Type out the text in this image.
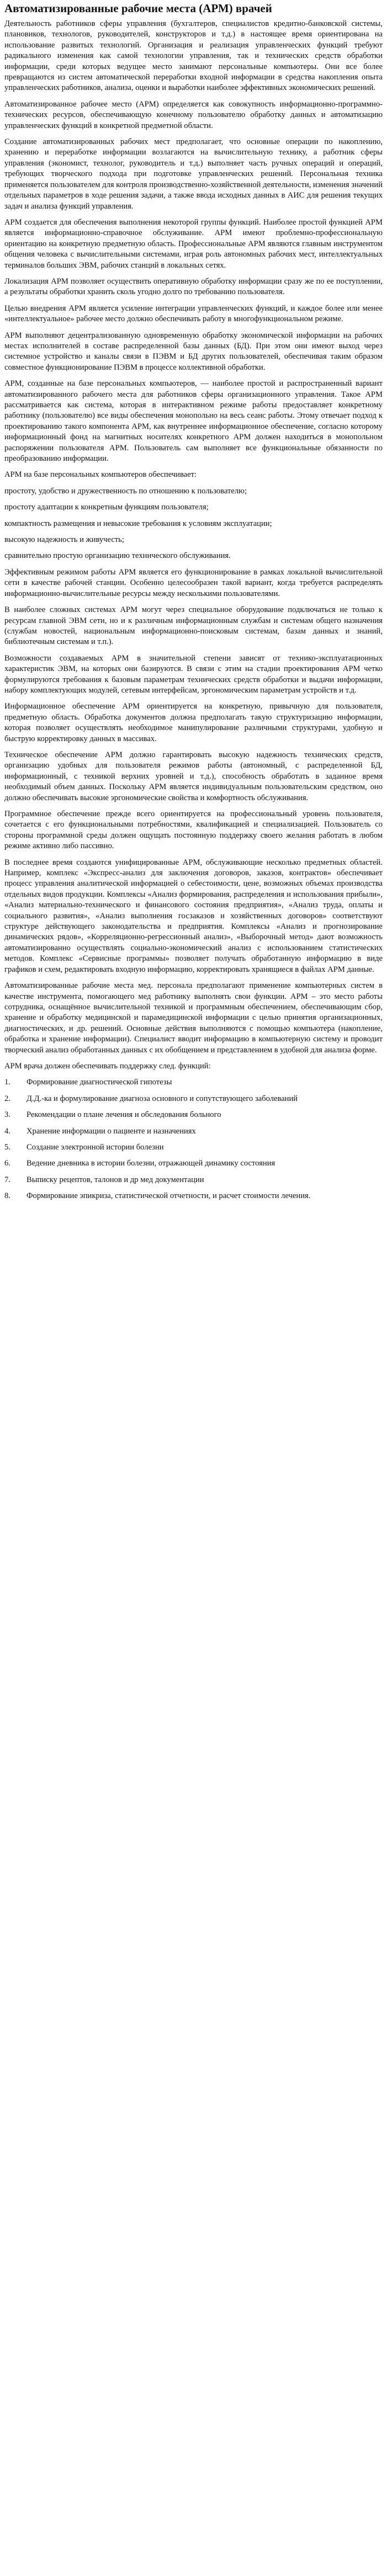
Автоматизированные рабочие места (АРМ) врачей

Деятельность работников сферы управления (бухгалтеров, специалистов кредитно-банковской системы, плановиков, технологов, руководителей, конструкторов и т.д.) в настоящее время ориентирована на использование развитых технологий. Организация и реализация управленческих функций требуют радикального изменения как самой технологии управления, так и технических средств обработки информации, среди которых ведущее место занимают персональные компьютеры. Они все более превращаются из систем автоматической переработки входной информации в средства накопления опыта управленческих работников, анализа, оценки и выработки наиболее эффективных экономических решений.

Автоматизированное рабочее место (АРМ) определяется как совокупность информационно-программно-технических ресурсов, обеспечивающую конечному пользователю обработку данных и автоматизацию управленческих функций в конкретной предметной области.

Создание автоматизированных рабочих мест предполагает, что основные операции по накоплению, хранению и переработке информации возлагаются на вычислительную технику, а работник сферы управления (экономист, технолог, руководитель и т.д.) выполняет часть ручных операций и операций, требующих творческого подхода при подготовке управленческих решений. Персональная техника применяется пользователем для контроля производственно-хозяйственной деятельности, изменения значений отдельных параметров в ходе решения задачи, а также ввода исходных данных в АИС для решения текущих задач и анализа функций управления.

АРМ создается для обеспечения выполнения некоторой группы функций. Наиболее простой функцией АРМ является информационно-справочное обслуживание. АРМ имеют проблемно-профессиональную ориентацию на конкретную предметную область. Профессиональные АРМ являются главным инструментом общения человека с вычислительными системами, играя роль автономных рабочих мест, интеллектуальных терминалов больших ЭВМ, рабочих станций в локальных сетях.

Локализация АРМ позволяет осуществить оперативную обработку информации сразу же по ее поступлении, а результаты обработки хранить сколь угодно долго по требованию пользователя.

Целью внедрения АРМ является усиление интеграции управленческих функций, и каждое более или менее «интеллектуальное» рабочее место должно обеспечивать работу в многофункциональном режиме.

АРМ выполняют децентрализованную одновременную обработку экономической информации на рабочих местах исполнителей в составе распределенной базы данных (БД). При этом они имеют выход через системное устройство и каналы связи в ПЭВМ и БД других пользователей, обеспечивая таким образом совместное функционирование ПЭВМ в процессе коллективной обработки.

АРМ, созданные на базе персональных компьютеров, — наиболее простой и распространенный вариант автоматизированного рабочего места для работников сферы организационного управления. Такое АРМ рассматривается как система, которая в интерактивном режиме работы предоставляет конкретному работнику (пользователю) все виды обеспечения монопольно на весь сеанс работы. Этому отвечает подход к проектированию такого компонента АРМ, как внутреннее информационное обеспечение, согласно которому информационный фонд на магнитных носителях конкретного АРМ должен находиться в монопольном распоряжении пользователя АРМ. Пользователь сам выполняет все функциональные обязанности по преобразованию информации.

АРМ на базе персональных компьютеров обеспечивает:

простоту, удобство и дружественность по отношению к пользователю;

простоту адаптации к конкретным функциям пользователя;

компактность размещения и невысокие требования к условиям эксплуатации;

высокую надежность и живучесть;

сравнительно простую организацию технического обслуживания.

Эффективным режимом работы АРМ является его функционирование в рамках локальной вычислительной сети в качестве рабочей станции. Особенно целесообразен такой вариант, когда требуется распределять информационно-вычислительные ресурсы между несколькими пользователями.

В наиболее сложных системах АРМ могут через специальное оборудование подключаться не только к ресурсам главной ЭВМ сети, но и к различным информационным службам и системам общего назначения (службам новостей, национальным информационно-поисковым системам, базам данных и знаний, библиотечным системам и т.п.).

Возможности создаваемых АРМ в значительной степени зависят от технико-эксплуатационных характеристик ЭВМ, на которых они базируются. В связи с этим на стадии проектирования АРМ четко формулируются требования к базовым параметрам технических средств обработки и выдачи информации, набору комплектующих модулей, сетевым интерфейсам, эргономическим параметрам устройств и т.д.

Информационное обеспечение АРМ ориентируется на конкретную, привычную для пользователя, предметную область. Обработка документов должна предполагать такую структуризацию информации, которая позволяет осуществлять необходимое манипулирование различными структурами, удобную и быструю корректировку данных в массивах.

Техническое обеспечение АРМ должно гарантировать высокую надежность технических средств, организацию удобных для пользователя режимов работы (автономный, с распределенной БД, информационный, с техникой верхних уровней и т.д.), способность обработать в заданное время необходимый объем данных. Поскольку АРМ является индивидуальным пользовательским средством, оно должно обеспечивать высокие эргономические свойства и комфортность обслуживания.

Программное обеспечение прежде всего ориентируется на профессиональный уровень пользователя, сочетается с его функциональными потребностями, квалификацией и специализацией. Пользователь со стороны программной среды должен ощущать постоянную поддержку своего желания работать в любом режиме активно либо пассивно.

В последнее время создаются унифицированные АРМ, обслуживающие несколько предметных областей. Например, комплекс «Экспресс-анализ для заключения договоров, заказов, контрактов» обеспечивает процесс управления аналитической информацией о себестоимости, цене, возможных объемах производства отдельных видов продукции. Комплексы «Анализ формирования, распределения и использования прибыли», «Анализ материально-технического и финансового состояния предприятия», «Анализ труда, оплаты и социального развития», «Анализ выполнения госзаказов и хозяйственных договоров» соответствуют структуре действующего законодательства и предприятия. Комплексы «Анализ и прогнозирование динамических рядов», «Корреляционно-регрессионный анализ», «Выборочный метод» дают возможность автоматизированно осуществлять социально-экономический анализ с использованием статистических методов. Комплекс «Сервисные программы» позволяет получать обработанную информацию в виде графиков и схем, редактировать входную информацию, корректировать хранящиеся в файлах АРМ данные.

Автоматизированные рабочие места мед. персонала предполагают применение компьютерных систем в качестве инструмента, помогающего мед работнику выполнять свои функции. АРМ – это место работы сотрудника, оснащённое вычислительной техникой и программным обеспечением, обеспечивающим сбор, хранение и обработку медицинской и парамедицинской информации с целью принятия организационных, диагностических, и др. решений. Основные действия выполняются с помощью компьютера (накопление, обработка и хранение информации). Специалист вводит информацию в компьютерную систему и проводит творческий анализ обработанных данных с их обобщением и представлением в удобной для анализа форме.

АРМ врача должен обеспечивать поддержку след. функций:

1. Формирование диагностической гипотезы
2. Д.Д.-ка и формулирование диагноза основного и сопутствующего заболеваний
3. Рекомендации о плане лечения и обследования больного
4. Хранение информации о пациенте и назначениях
5. Создание электронной истории болезни
6. Ведение дневника в истории болезни, отражающей динамику состояния
7. Выписку рецептов, талонов и др мед документации
8. Формирование эпикриза, статистической отчетности, и расчет стоимости лечения.
